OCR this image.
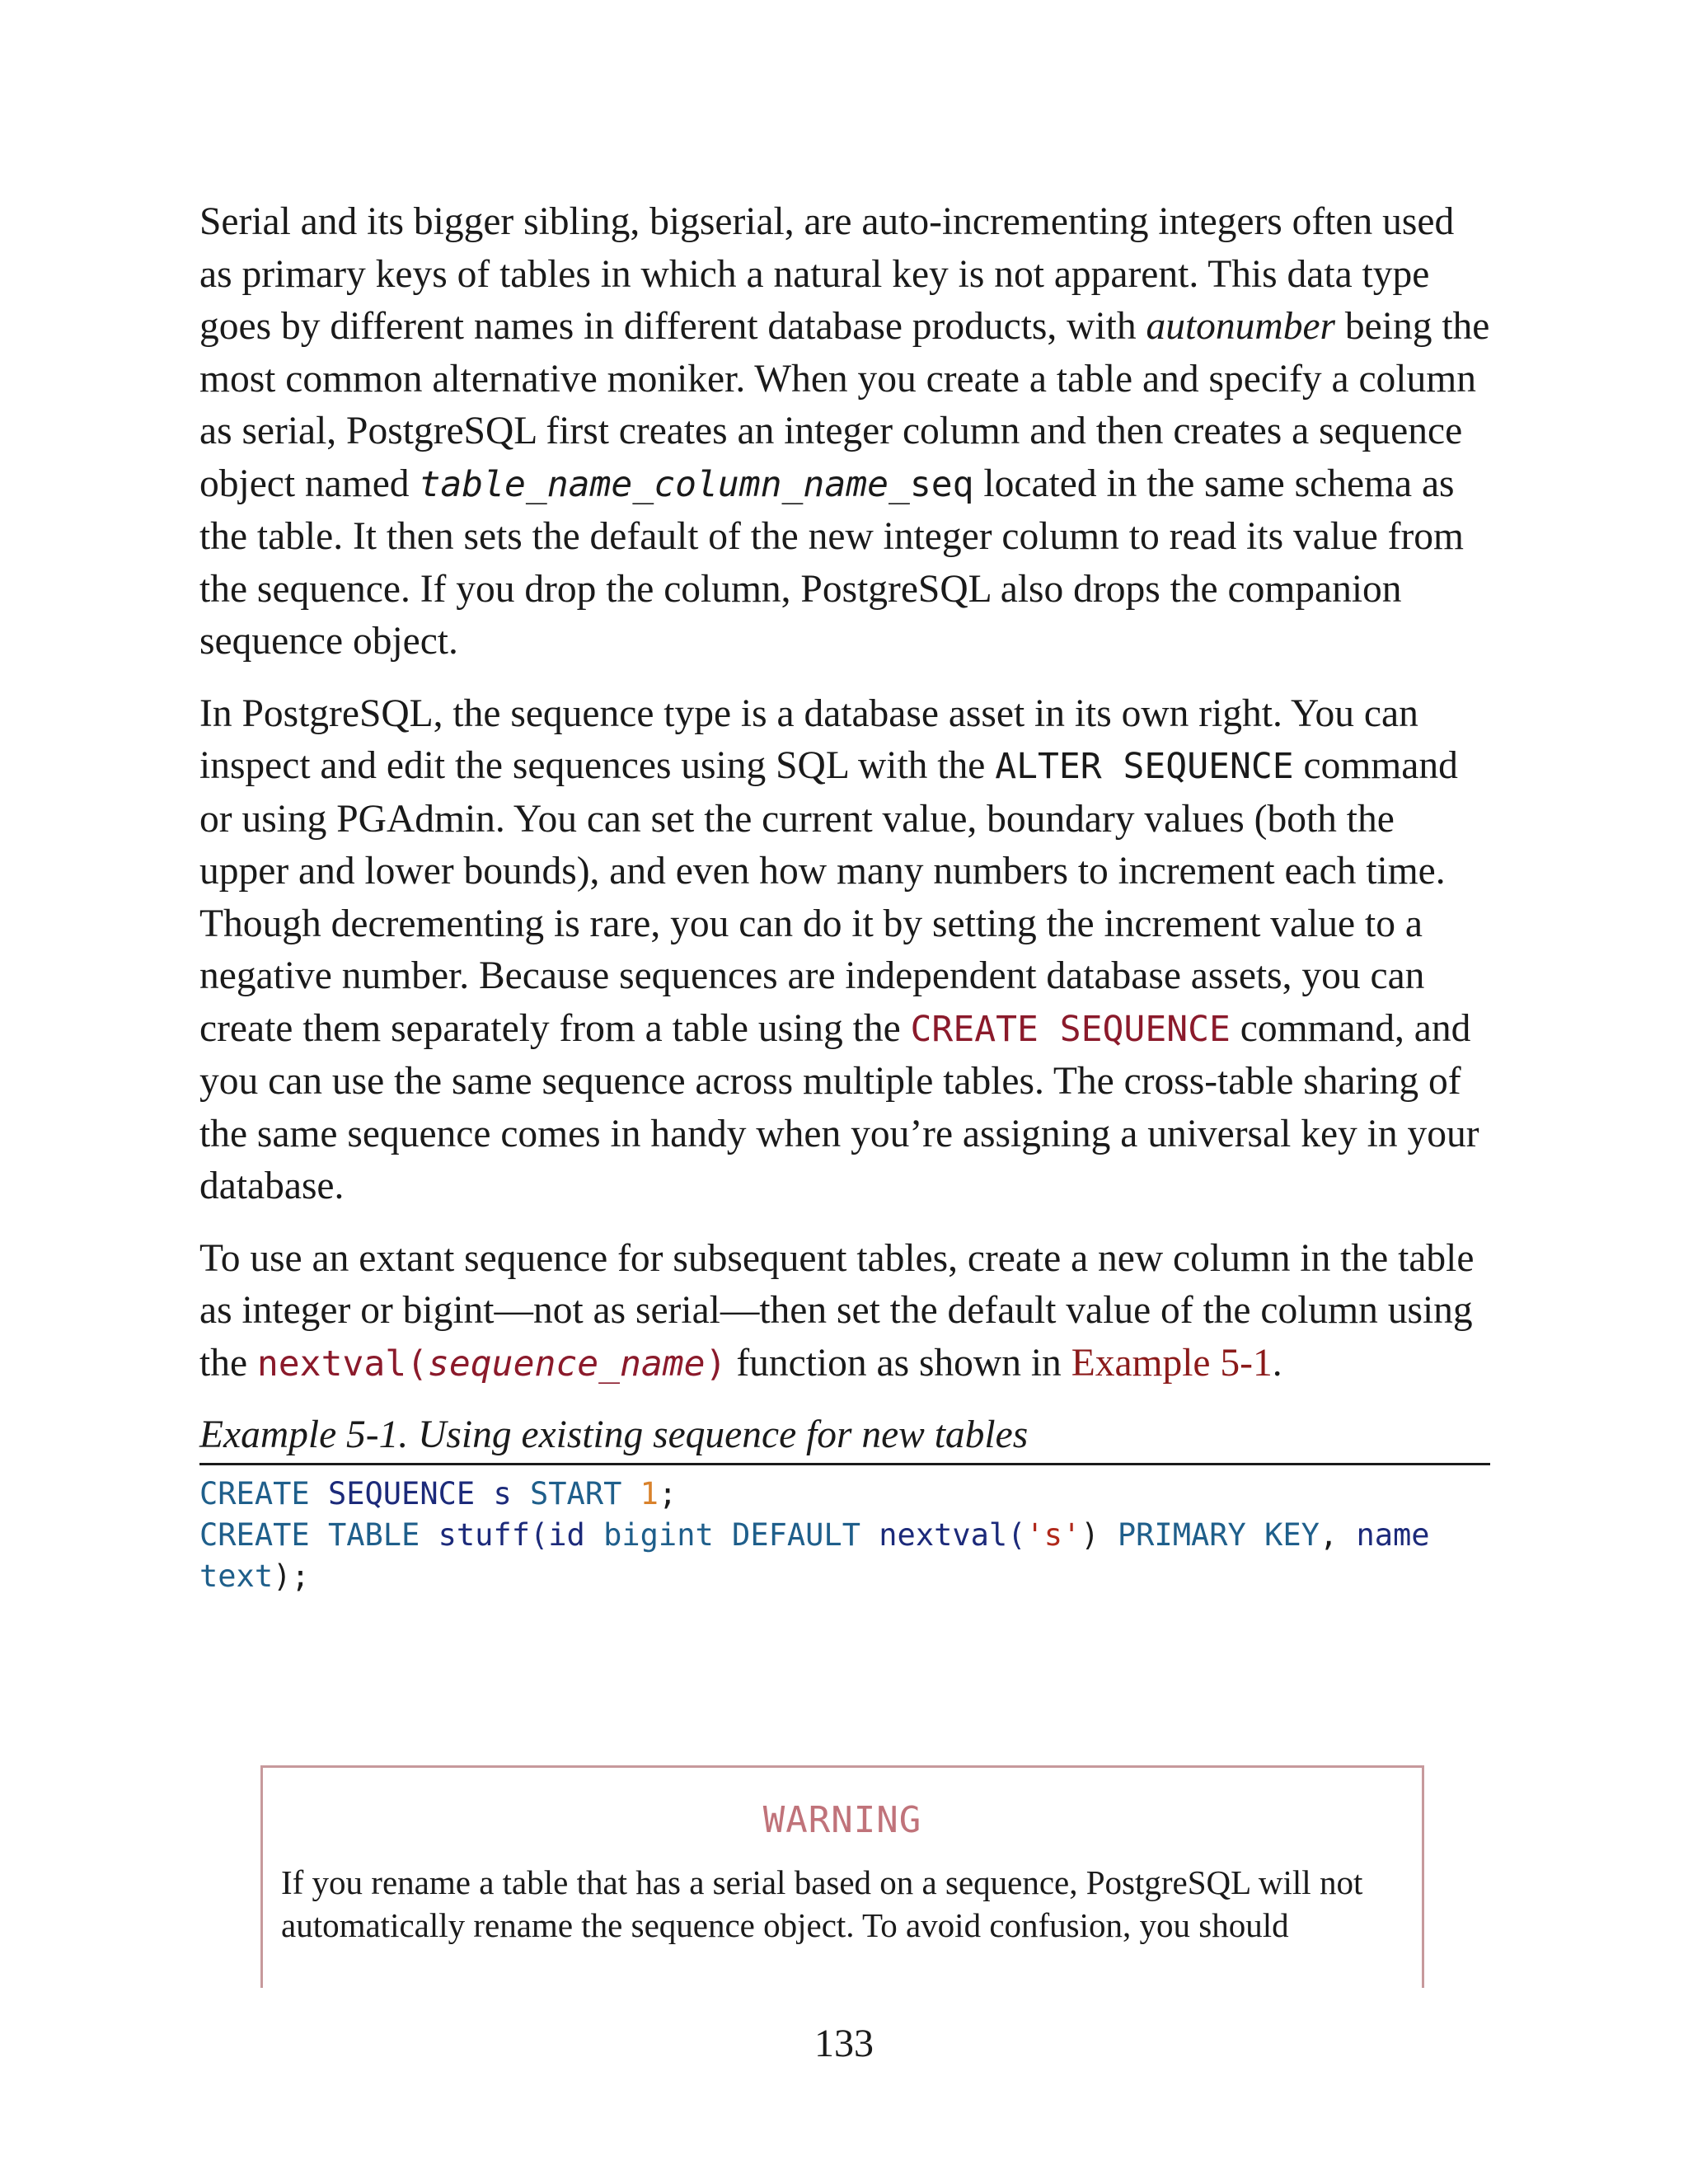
Serial and its bigger sibling, bigserial, are auto-incrementing integers often used as primary keys of tables in which a natural key is not apparent. This data type goes by different names in different database products, with autonumber being the most common alternative moniker. When you create a table and specify a column as serial, PostgreSQL first creates an integer column and then creates a sequence object named table_name_column_name_seq located in the same schema as the table. It then sets the default of the new integer column to read its value from the sequence. If you drop the column, PostgreSQL also drops the companion sequence object.

In PostgreSQL, the sequence type is a database asset in its own right. You can inspect and edit the sequences using SQL with the ALTER SEQUENCE command or using PGAdmin. You can set the current value, boundary values (both the upper and lower bounds), and even how many numbers to increment each time. Though decrementing is rare, you can do it by setting the increment value to a negative number. Because sequences are independent database assets, you can create them separately from a table using the CREATE SEQUENCE command, and you can use the same sequence across multiple tables. The cross-table sharing of the same sequence comes in handy when you’re assigning a universal key in your database.

To use an extant sequence for subsequent tables, create a new column in the table as integer or bigint—not as serial—then set the default value of the column using the nextval(sequence_name) function as shown in Example 5-1.

Example 5-1. Using existing sequence for new tables

CREATE SEQUENCE s START 1;
CREATE TABLE stuff(id bigint DEFAULT nextval('s') PRIMARY KEY, name
text);
WARNING
If you rename a table that has a serial based on a sequence, PostgreSQL will not automatically rename the sequence object. To avoid confusion, you should
133
